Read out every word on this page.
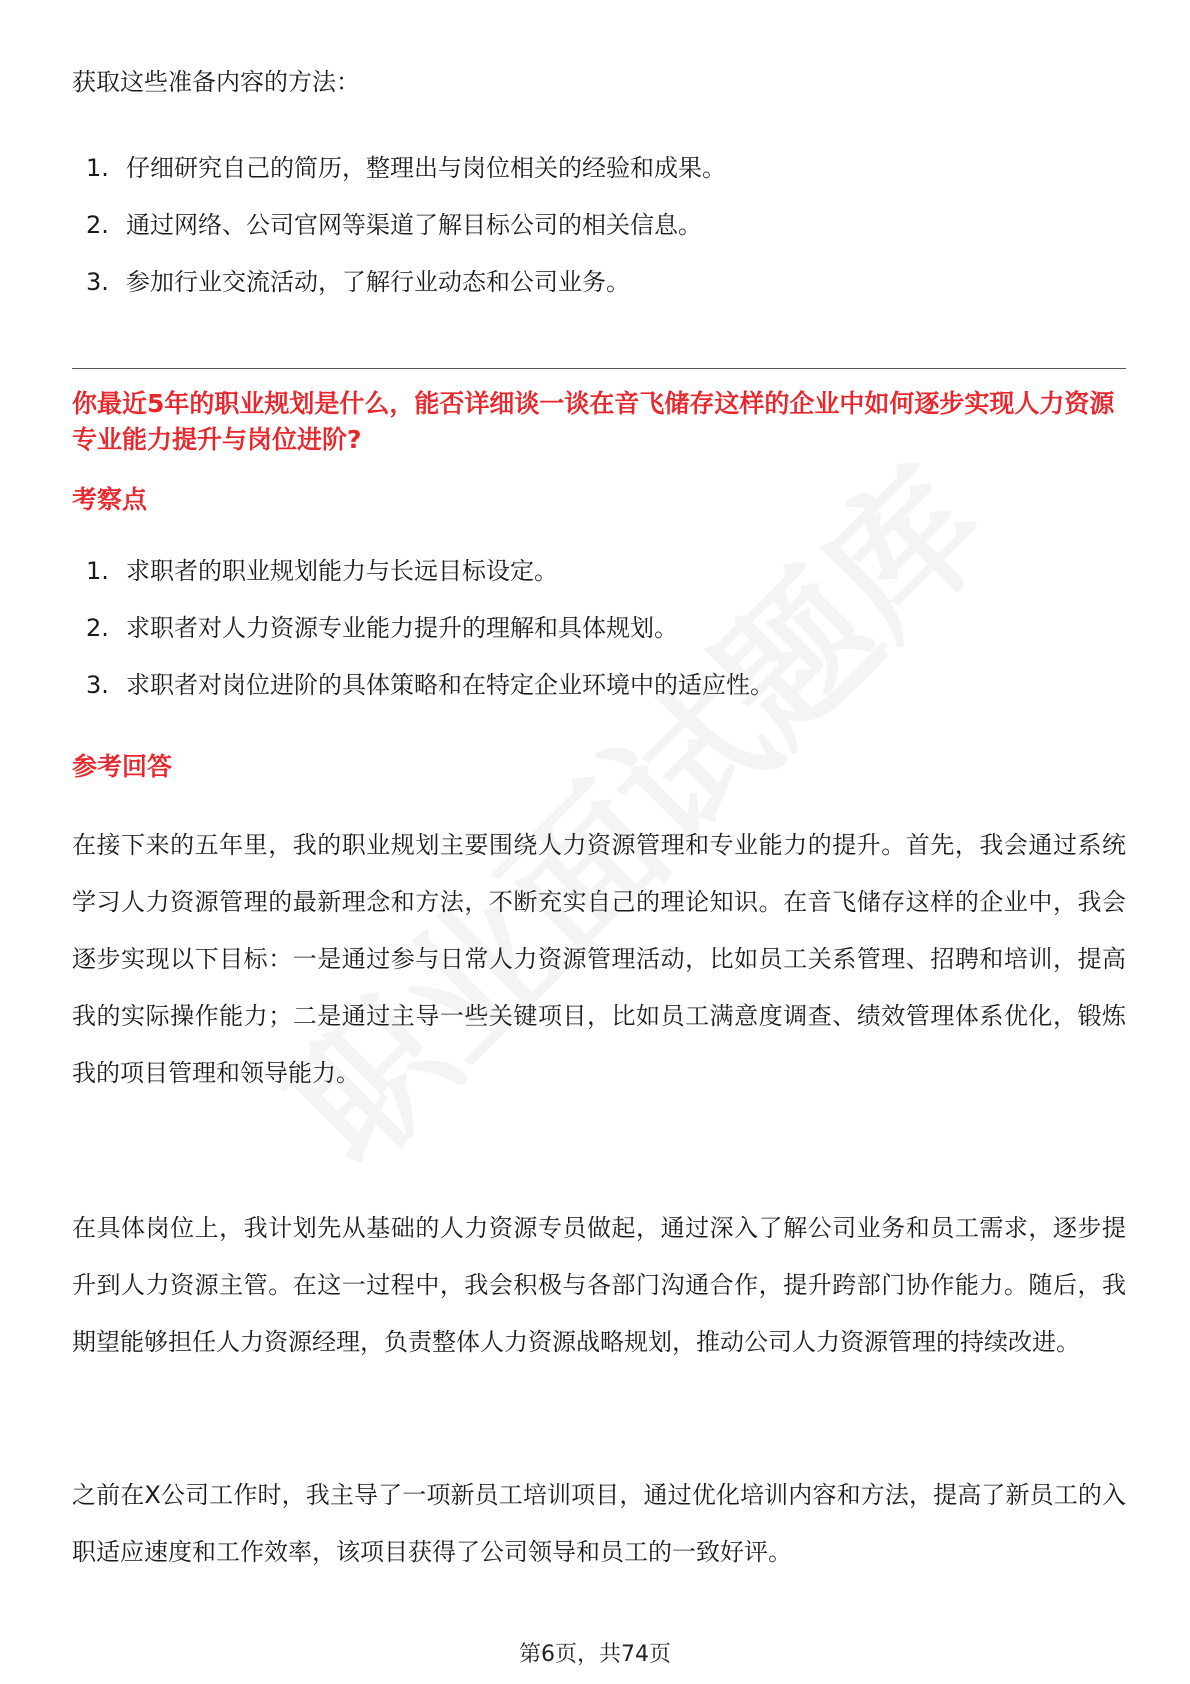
获取这些准备内容的方法：
1. 仔细研究自己的简历，整理出与岗位相关的经验和成果。
2. 通过网络、公司官网等渠道了解目标公司的相关信息。
3. 参加行业交流活动，了解行业动态和公司业务。
你最近5年的职业规划是什么，能否详细谈一谈在音飞储存这样的企业中如何逐步实现人力资源专业能力提升与岗位进阶?
考察点
1. 求职者的职业规划能力与长远目标设定。
2. 求职者对人力资源专业能力提升的理解和具体规划。
3. 求职者对岗位进阶的具体策略和在特定企业环境中的适应性。
参考回答

在接下来的五年里，我的职业规划主要围绕人力资源管理和专业能力的提升。首先，我会通过系统学习人力资源管理的最新理念和方法，不断充实自己的理论知识。在音飞储存这样的企业中，我会逐步实现以下目标：一是通过参与日常人力资源管理活动，比如员工关系管理、招聘和培训，提高我的实际操作能力；二是通过主导一些关键项目，比如员工满意度调查、绩效管理体系优化，锻炼我的项目管理和领导能力。

在具体岗位上，我计划先从基础的人力资源专员做起，通过深入了解公司业务和员工需求，逐步提升到人力资源主管。在这一过程中，我会积极与各部门沟通合作，提升跨部门协作能力。随后，我期望能够担任人力资源经理，负责整体人力资源战略规划，推动公司人力资源管理的持续改进。

之前在X公司工作时，我主导了一项新员工培训项目，通过优化培训内容和方法，提高了新员工的入职适应速度和工作效率，该项目获得了公司领导和员工的一致好评。

第6页，共74页
